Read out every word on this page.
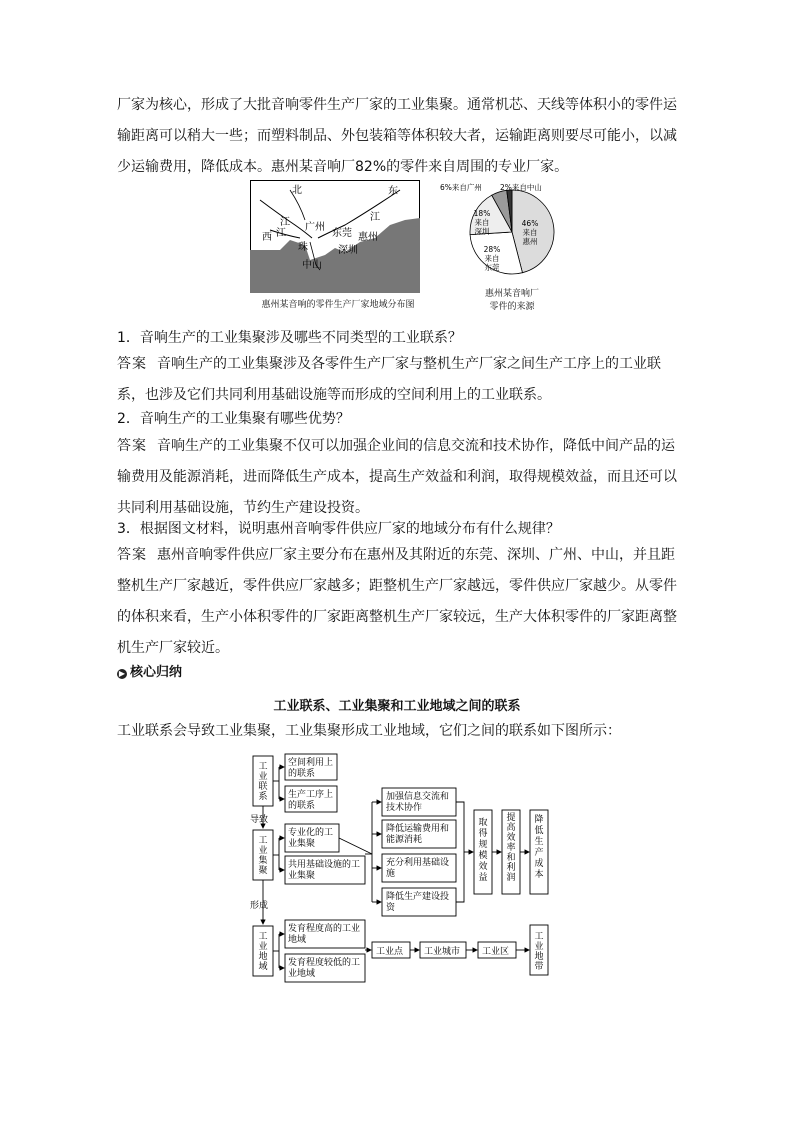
厂家为核心，形成了大批音响零件生产厂家的工业集聚。通常机芯、天线等体积小的零件运输距离可以稍大一些；而塑料制品、外包装箱等体积较大者，运输距离则要尽可能小，以减少运输费用，降低成本。惠州某音响厂82%的零件来自周围的专业厂家。
北
江
东
江
西 江
广州
东莞 惠州
深圳
中山
珠
惠州某音响的零件生产厂家地域分布图
46%来自惠州
28%来自东莞
18%来自深圳
6%来自广州 2%来自中山
惠州某音响厂
零件的来源
1．音响生产的工业集聚涉及哪些不同类型的工业联系？
答案 音响生产的工业集聚涉及各零件生产厂家与整机生产厂家之间生产工序上的工业联系，也涉及它们共同利用基础设施等而形成的空间利用上的工业联系。
2．音响生产的工业集聚有哪些优势？
答案 音响生产的工业集聚不仅可以加强企业间的信息交流和技术协作，降低中间产品的运输费用及能源消耗，进而降低生产成本，提高生产效益和利润，取得规模效益，而且还可以共同利用基础设施，节约生产建设投资。
3．根据图文材料，说明惠州音响零件供应厂家的地域分布有什么规律？
答案 惠州音响零件供应厂家主要分布在惠州及其附近的东莞、深圳、广州、中山，并且距整机生产厂家越近，零件供应厂家越多；距整机生产厂家越远，零件供应厂家越少。从零件的体积来看，生产小体积零件的厂家距离整机生产厂家较远，生产大体积零件的厂家距离整机生产厂家较近。
▶ 核心归纳
工业联系、工业集聚和工业地域之间的联系
工业联系会导致工业集聚，工业集聚形成工业地域，它们之间的联系如下图所示：
导致
形成
工业联系
工业集聚
工业地域
空间利用上的联系
生产工序上的联系
专业化的工业集聚
共用基础设施的工业集聚
加强信息交流和技术协作
降低运输费用和能源消耗
充分利用基础设施
降低生产建设投资
取得规模效益
提高效率和利润
降低生产成本
发育程度高的工业地域
发育程度较低的工业地域
工业点 工业城市 工业区
工业地带
